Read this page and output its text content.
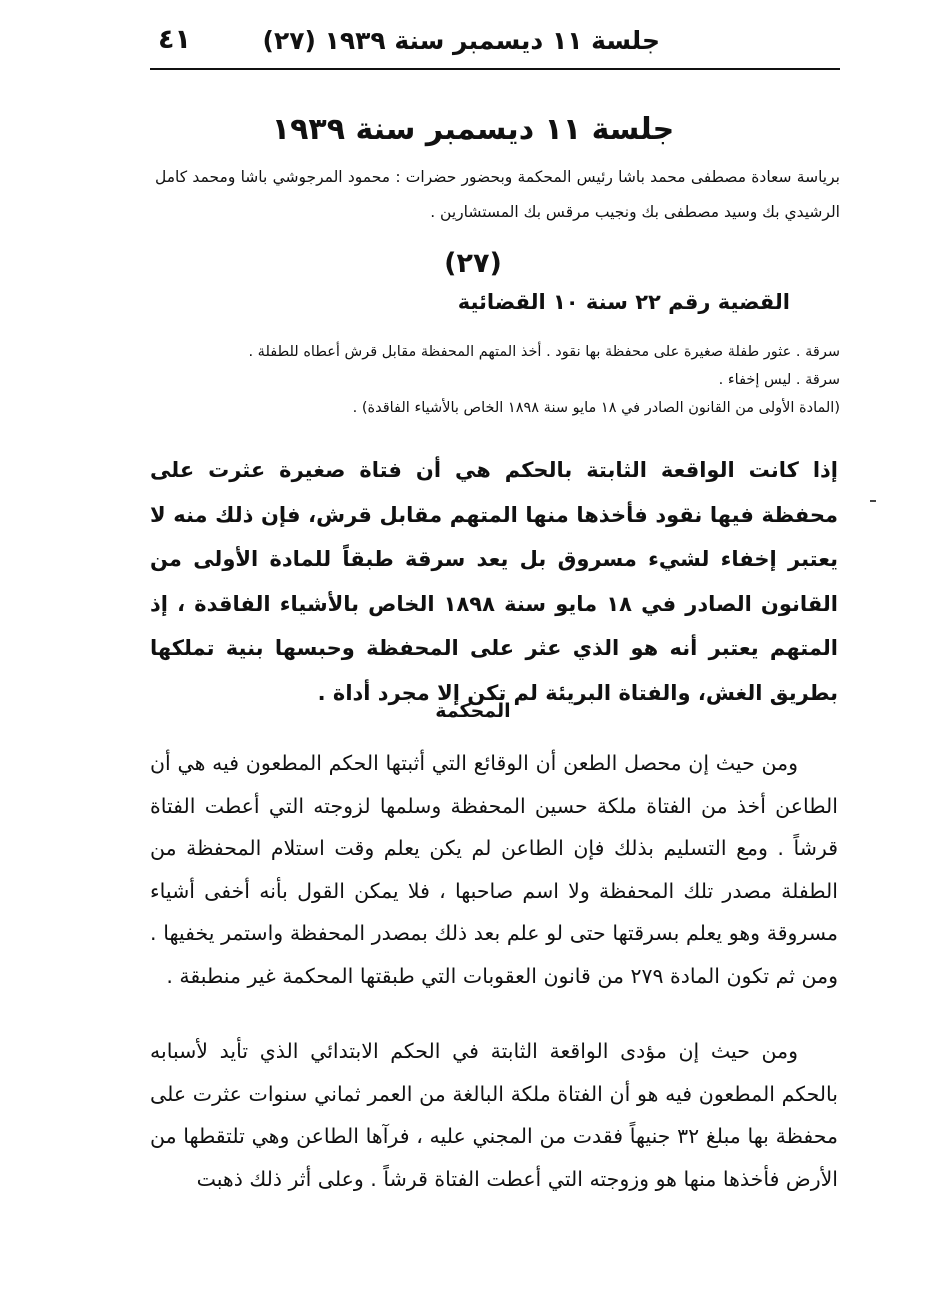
جلسة ١١ ديسمبر سنة ١٩٣٩ (٢٧)
٤١
جلسة ١١ ديسمبر سنة ١٩٣٩
برياسة سعادة مصطفى محمد باشا رئيس المحكمة وبحضور حضرات : محمود المرجوشي باشا ومحمد كامل الرشيدي بك وسيد مصطفى بك ونجيب مرقس بك المستشارين .
(٢٧)
القضية رقم ٢٢ سنة ١٠ القضائية
سرقة . عثور طفلة صغيرة على محفظة بها نقود . أخذ المتهم المحفظة مقابل قرش أعطاه للطفلة .
سرقة . ليس إخفاء .
(المادة الأولى من القانون الصادر في ١٨ مايو سنة ١٨٩٨ الخاص بالأشياء الفاقدة) .
إذا كانت الواقعة الثابتة بالحكم هي أن فتاة صغيرة عثرت على محفظة فيها نقود فأخذها منها المتهم مقابل قرش، فإن ذلك منه لا يعتبر إخفاء لشيء مسروق بل يعد سرقة طبقاً للمادة الأولى من القانون الصادر في ١٨ مايو سنة ١٨٩٨ الخاص بالأشياء الفاقدة ، إذ المتهم يعتبر أنه هو الذي عثر على المحفظة وحبسها بنية تملكها بطريق الغش، والفتاة البريئة لم تكن إلا مجرد أداة .
المحكمة
ومن حيث إن محصل الطعن أن الوقائع التي أثبتها الحكم المطعون فيه هي أن الطاعن أخذ من الفتاة ملكة حسين المحفظة وسلمها لزوجته التي أعطت الفتاة قرشاً . ومع التسليم بذلك فإن الطاعن لم يكن يعلم وقت استلام المحفظة من الطفلة مصدر تلك المحفظة ولا اسم صاحبها ، فلا يمكن القول بأنه أخفى أشياء مسروقة وهو يعلم بسرقتها حتى لو علم بعد ذلك بمصدر المحفظة واستمر يخفيها . ومن ثم تكون المادة ٢٧٩ من قانون العقوبات التي طبقتها المحكمة غير منطبقة .
ومن حيث إن مؤدى الواقعة الثابتة في الحكم الابتدائي الذي تأيد لأسبابه بالحكم المطعون فيه هو أن الفتاة ملكة البالغة من العمر ثماني سنوات عثرت على محفظة بها مبلغ ٣٢ جنيهاً فقدت من المجني عليه ، فرآها الطاعن وهي تلتقطها من الأرض فأخذها منها هو وزوجته التي أعطت الفتاة قرشاً . وعلى أثر ذلك ذهبت
